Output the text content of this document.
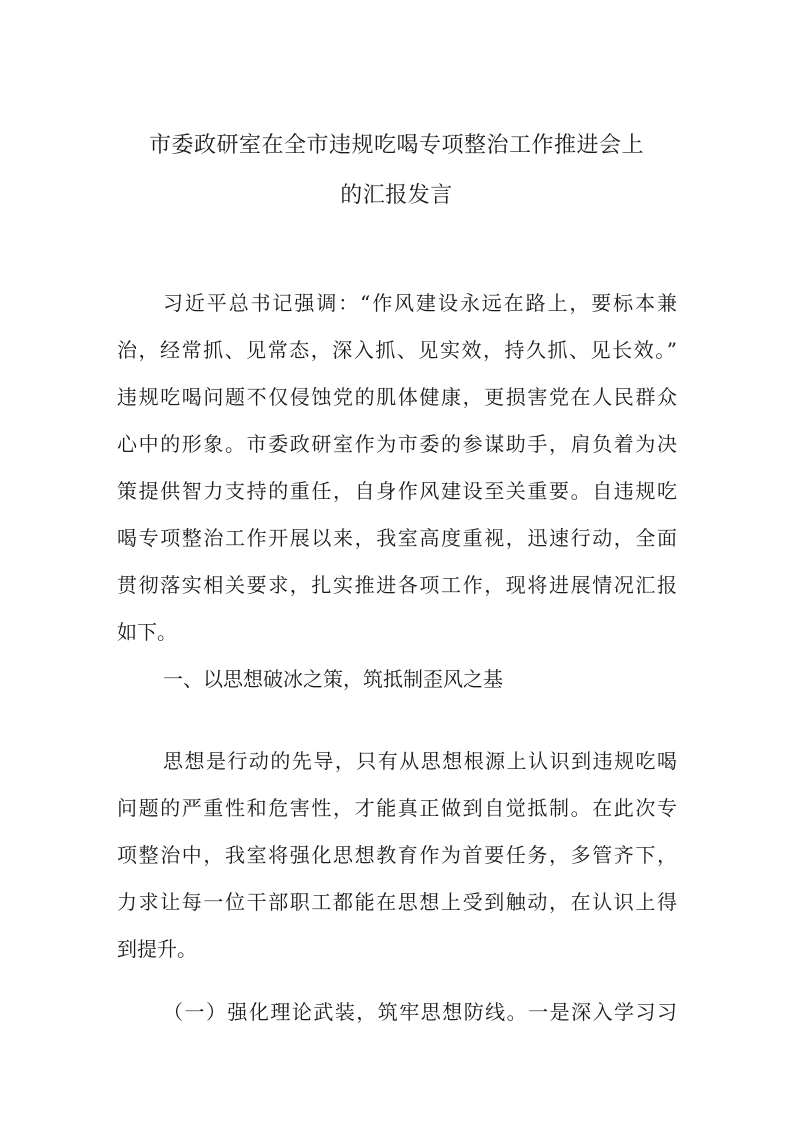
市委政研室在全市违规吃喝专项整治工作推进会上
的汇报发言
习近平总书记强调：“作风建设永远在路上，要标本兼
治，经常抓、见常态，深入抓、见实效，持久抓、见长效。”
违规吃喝问题不仅侵蚀党的肌体健康，更损害党在人民群众
心中的形象。市委政研室作为市委的参谋助手，肩负着为决
策提供智力支持的重任，自身作风建设至关重要。自违规吃
喝专项整治工作开展以来，我室高度重视，迅速行动，全面
贯彻落实相关要求，扎实推进各项工作，现将进展情况汇报
如下。
一、以思想破冰之策，筑抵制歪风之基
思想是行动的先导，只有从思想根源上认识到违规吃喝
问题的严重性和危害性，才能真正做到自觉抵制。在此次专
项整治中，我室将强化思想教育作为首要任务，多管齐下，
力求让每一位干部职工都能在思想上受到触动，在认识上得
到提升。
（一）强化理论武装，筑牢思想防线。一是深入学习习
